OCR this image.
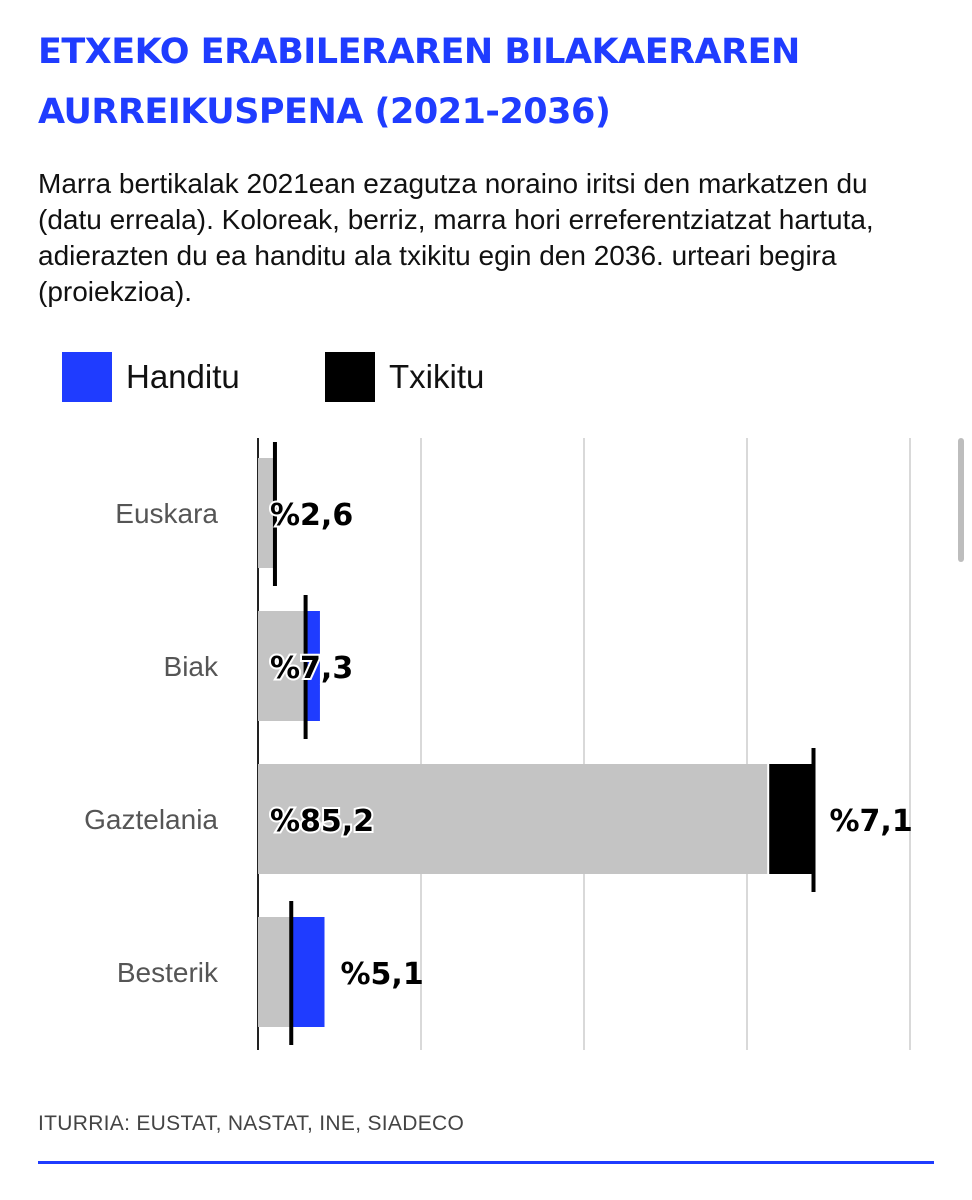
ETXEKO ERABILERAREN BILAKAERAREN AURREIKUSPENA (2021-2036)

Marra bertikalak 2021ean ezagutza noraino iritsi den markatzen du (datu erreala). Koloreak, berriz, marra hori erreferentziatzat hartuta, adierazten du ea handitu ala txikitu egin den 2036. urteari begira (proiekzioa).

Handitu	Txikitu
Euskara %2,6
Biak %7,3
Gaztelania %85,2	%7,1
Besterik	%5,1
ITURRIA: EUSTAT, NASTAT, INE, SIADECO
